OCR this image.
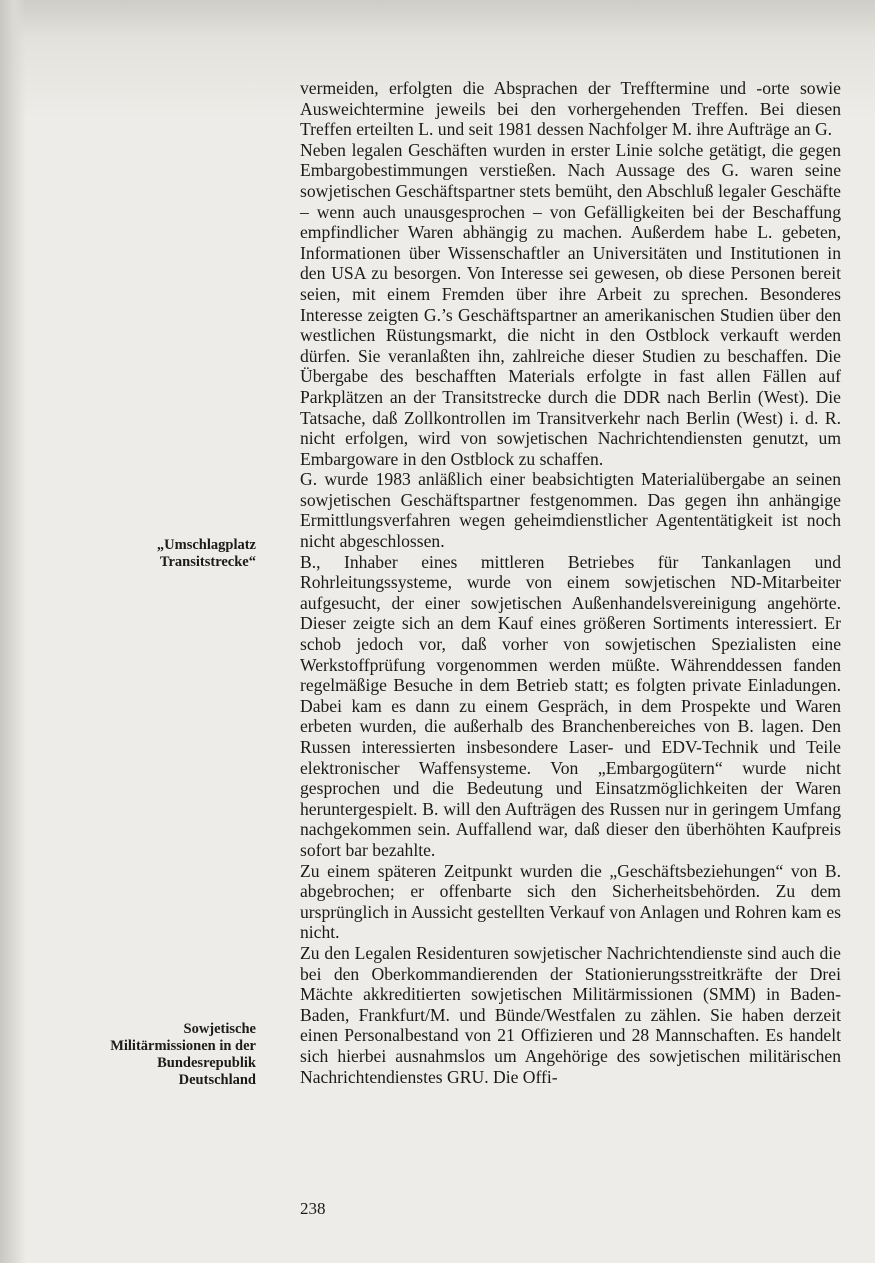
„Umschlagplatz Transitstrecke“
Sowjetische Militärmissionen in der Bundesrepublik Deutschland

vermeiden, erfolgten die Absprachen der Trefftermine und -orte sowie Ausweichtermine jeweils bei den vorhergehenden Treffen. Bei diesen Treffen erteilten L. und seit 1981 dessen Nachfolger M. ihre Aufträge an G.

Neben legalen Geschäften wurden in erster Linie solche getätigt, die gegen Embargobestimmungen verstießen. Nach Aussage des G. waren seine sowjetischen Geschäftspartner stets bemüht, den Abschluß legaler Geschäfte – wenn auch unausgesprochen – von Gefälligkeiten bei der Beschaffung empfindlicher Waren abhängig zu machen. Außerdem habe L. gebeten, Informationen über Wissenschaftler an Universitäten und Institutionen in den USA zu besorgen. Von Interesse sei gewesen, ob diese Personen bereit seien, mit einem Fremden über ihre Arbeit zu sprechen. Besonderes Interesse zeigten G.’s Geschäftspartner an amerikanischen Studien über den westlichen Rüstungsmarkt, die nicht in den Ostblock verkauft werden dürfen. Sie veranlaßten ihn, zahlreiche dieser Studien zu beschaffen. Die Übergabe des beschafften Materials erfolgte in fast allen Fällen auf Parkplätzen an der Transitstrecke durch die DDR nach Berlin (West). Die Tatsache, daß Zollkontrollen im Transitverkehr nach Berlin (West) i. d. R. nicht erfolgen, wird von sowjetischen Nachrichtendiensten genutzt, um Embargoware in den Ostblock zu schaffen.

G. wurde 1983 anläßlich einer beabsichtigten Materialübergabe an seinen sowjetischen Geschäftspartner festgenommen. Das gegen ihn anhängige Ermittlungsverfahren wegen geheimdienstlicher Agententätigkeit ist noch nicht abgeschlossen.

B., Inhaber eines mittleren Betriebes für Tankanlagen und Rohrleitungssysteme, wurde von einem sowjetischen ND-Mitarbeiter aufgesucht, der einer sowjetischen Außenhandelsvereinigung angehörte. Dieser zeigte sich an dem Kauf eines größeren Sortiments interessiert. Er schob jedoch vor, daß vorher von sowjetischen Spezialisten eine Werkstoffprüfung vorgenommen werden müßte. Währenddessen fanden regelmäßige Besuche in dem Betrieb statt; es folgten private Einladungen. Dabei kam es dann zu einem Gespräch, in dem Prospekte und Waren erbeten wurden, die außerhalb des Branchenbereiches von B. lagen. Den Russen interessierten insbesondere Laser- und EDV-Technik und Teile elektronischer Waffensysteme. Von „Embargogütern“ wurde nicht gesprochen und die Bedeutung und Einsatzmöglichkeiten der Waren heruntergespielt. B. will den Aufträgen des Russen nur in geringem Umfang nachgekommen sein. Auffallend war, daß dieser den überhöhten Kaufpreis sofort bar bezahlte.

Zu einem späteren Zeitpunkt wurden die „Geschäftsbeziehungen“ von B. abgebrochen; er offenbarte sich den Sicherheitsbehörden. Zu dem ursprünglich in Aussicht gestellten Verkauf von Anlagen und Rohren kam es nicht.

Zu den Legalen Residenturen sowjetischer Nachrichtendienste sind auch die bei den Oberkommandierenden der Stationierungsstreitkräfte der Drei Mächte akkreditierten sowjetischen Militärmissionen (SMM) in Baden-Baden, Frankfurt/M. und Bünde/Westfalen zu zählen. Sie haben derzeit einen Personalbestand von 21 Offizieren und 28 Mannschaften. Es handelt sich hierbei ausnahmslos um Angehörige des sowjetischen militärischen Nachrichtendienstes GRU. Die Offi-

238
